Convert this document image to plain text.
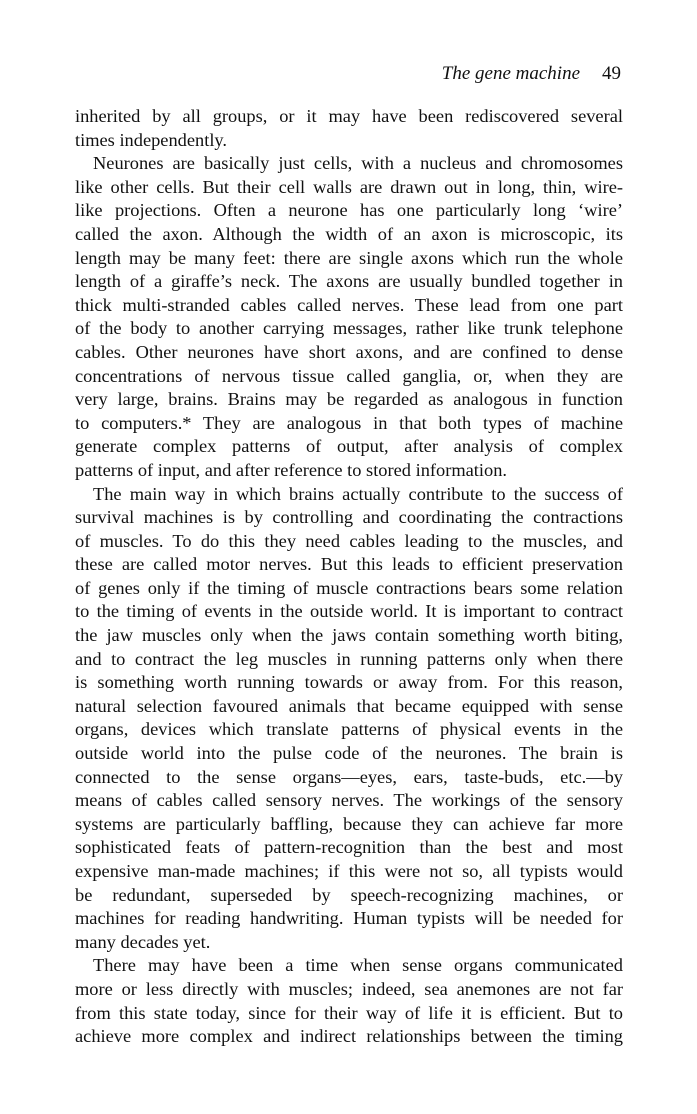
The gene machine 49
inherited by all groups, or it may have been rediscovered several
times independently.
Neurones are basically just cells, with a nucleus and chromosomes
like other cells. But their cell walls are drawn out in long, thin, wire-
like projections. Often a neurone has one particularly long ‘wire’
called the axon. Although the width of an axon is microscopic, its
length may be many feet: there are single axons which run the whole
length of a giraffe’s neck. The axons are usually bundled together in
thick multi-stranded cables called nerves. These lead from one part
of the body to another carrying messages, rather like trunk telephone
cables. Other neurones have short axons, and are confined to dense
concentrations of nervous tissue called ganglia, or, when they are
very large, brains. Brains may be regarded as analogous in function
to computers.* They are analogous in that both types of machine
generate complex patterns of output, after analysis of complex
patterns of input, and after reference to stored information.
The main way in which brains actually contribute to the success of
survival machines is by controlling and coordinating the contractions
of muscles. To do this they need cables leading to the muscles, and
these are called motor nerves. But this leads to efficient preservation
of genes only if the timing of muscle contractions bears some relation
to the timing of events in the outside world. It is important to contract
the jaw muscles only when the jaws contain something worth biting,
and to contract the leg muscles in running patterns only when there
is something worth running towards or away from. For this reason,
natural selection favoured animals that became equipped with sense
organs, devices which translate patterns of physical events in the
outside world into the pulse code of the neurones. The brain is
connected to the sense organs—eyes, ears, taste-buds, etc.—by
means of cables called sensory nerves. The workings of the sensory
systems are particularly baffling, because they can achieve far more
sophisticated feats of pattern-recognition than the best and most
expensive man-made machines; if this were not so, all typists would
be redundant, superseded by speech-recognizing machines, or
machines for reading handwriting. Human typists will be needed for
many decades yet.
There may have been a time when sense organs communicated
more or less directly with muscles; indeed, sea anemones are not far
from this state today, since for their way of life it is efficient. But to
achieve more complex and indirect relationships between the timing
